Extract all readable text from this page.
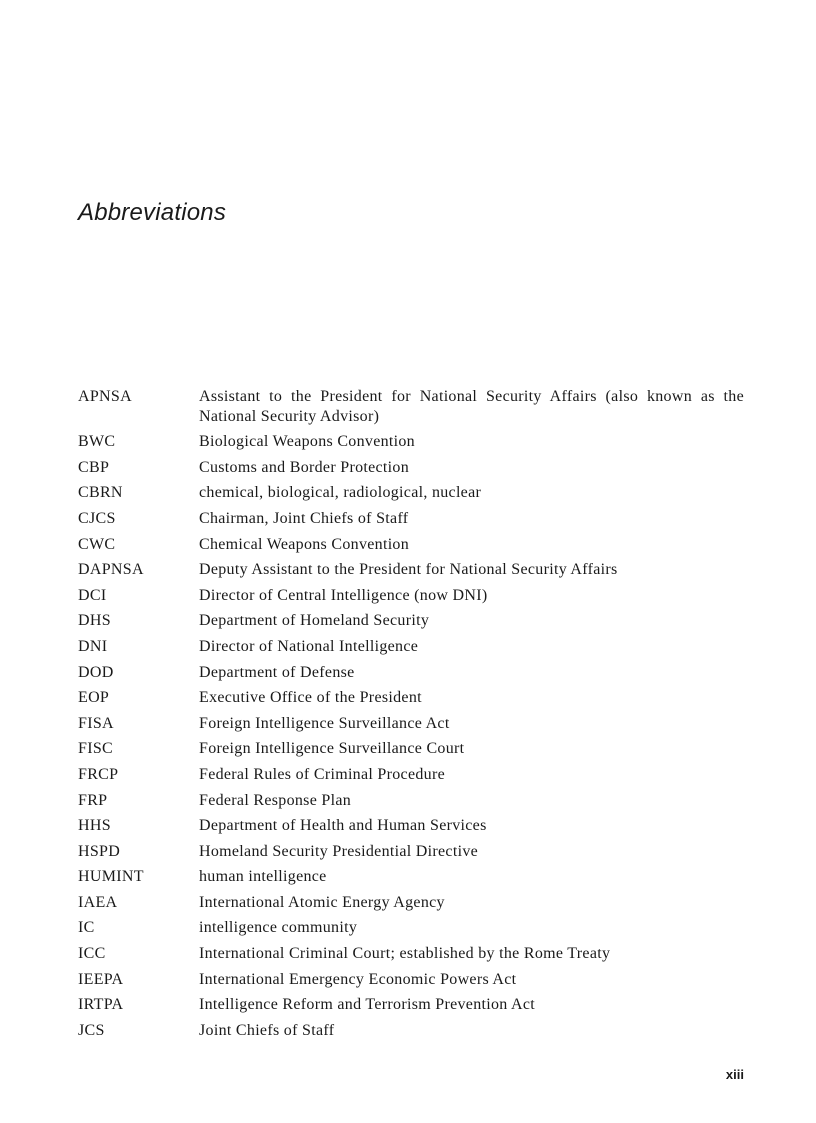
Abbreviations
APNSA	Assistant to the President for National Security Affairs (also known as the National Security Advisor)
BWC	Biological Weapons Convention
CBP	Customs and Border Protection
CBRN	chemical, biological, radiological, nuclear
CJCS	Chairman, Joint Chiefs of Staff
CWC	Chemical Weapons Convention
DAPNSA	Deputy Assistant to the President for National Security Affairs
DCI	Director of Central Intelligence (now DNI)
DHS	Department of Homeland Security
DNI	Director of National Intelligence
DOD	Department of Defense
EOP	Executive Office of the President
FISA	Foreign Intelligence Surveillance Act
FISC	Foreign Intelligence Surveillance Court
FRCP	Federal Rules of Criminal Procedure
FRP	Federal Response Plan
HHS	Department of Health and Human Services
HSPD	Homeland Security Presidential Directive
HUMINT	human intelligence
IAEA	International Atomic Energy Agency
IC	intelligence community
ICC	International Criminal Court; established by the Rome Treaty
IEEPA	International Emergency Economic Powers Act
IRTPA	Intelligence Reform and Terrorism Prevention Act
JCS	Joint Chiefs of Staff
xiii
